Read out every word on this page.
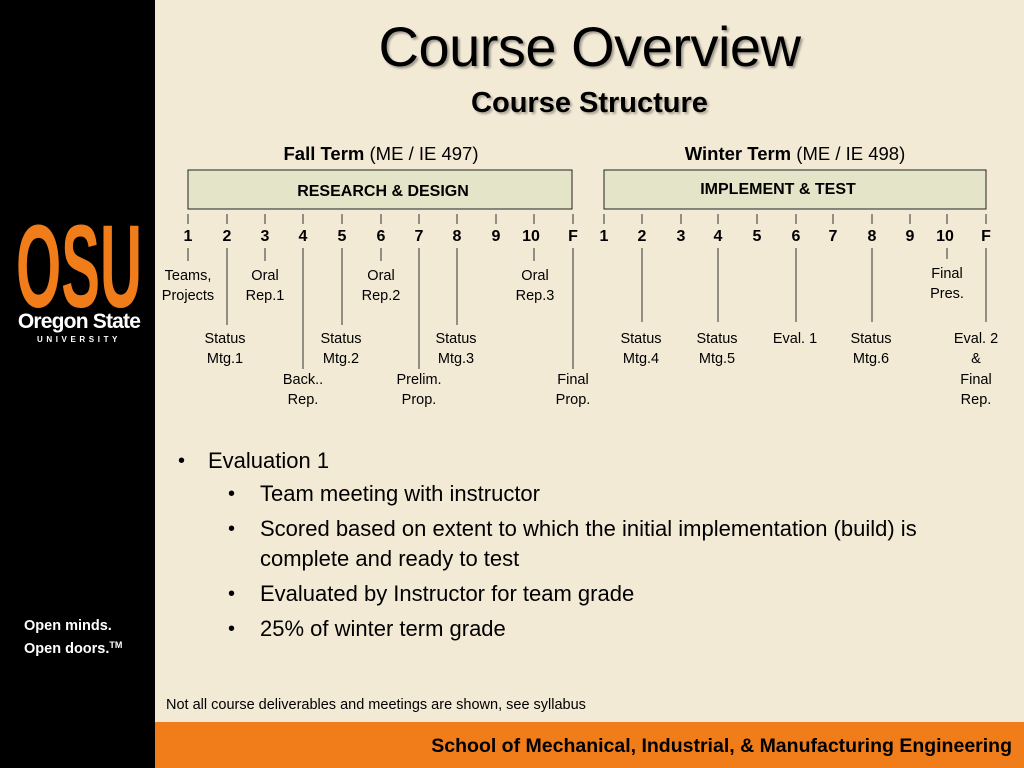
OSU
Oregon State
UNIVERSITY
Open minds.
Open doors.™
Course Overview
Course Structure
Fall Term (ME / IE 497)	Winter Term (ME / IE 498)
RESEARCH & DESIGN	IMPLEMENT & TEST
1 2 3 4 5 6 7 8 9 10 F 1 2 3 4 5 6 7 8 9 10 F
Teams, Projects
Oral Rep.1
Oral Rep.2
Oral Rep.3
Status Mtg.1
Status Mtg.2
Status Mtg.3
Back.. Rep.
Prelim. Prop.
Final Prop.
Final Pres.
Status Mtg.4
Status Mtg.5
Eval. 1 Status Mtg.6
Eval. 2 &
Final Rep.
• Evaluation 1
• Team meeting with instructor
• Scored based on extent to which the initial implementation (build) is complete and ready to test
• Evaluated by Instructor for team grade
• 25% of winter term grade
Not all course deliverables and meetings are shown, see syllabus
School of Mechanical, Industrial, & Manufacturing Engineering
